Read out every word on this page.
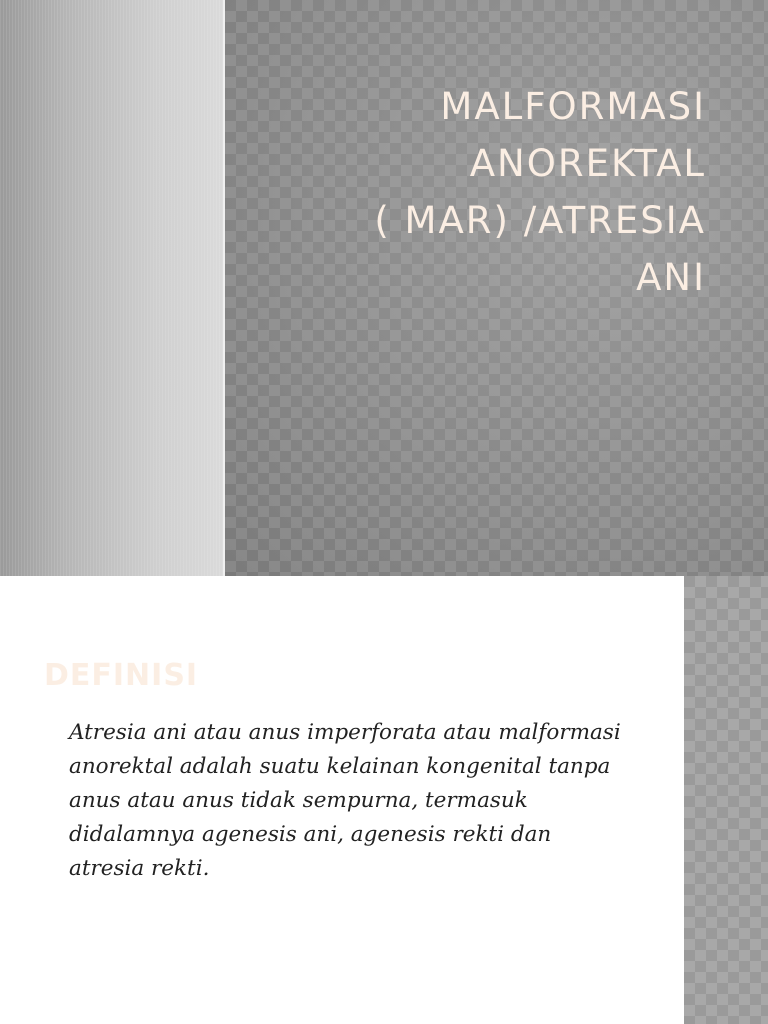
MALFORMASI
ANOREKTAL
( MAR) /ATRESIA
ANI
DEFINISI

Atresia ani atau anus imperforata atau malformasi
anorektal adalah suatu kelainan kongenital tanpa
anus atau anus tidak sempurna, termasuk
didalamnya agenesis ani, agenesis rekti dan
atresia rekti.
